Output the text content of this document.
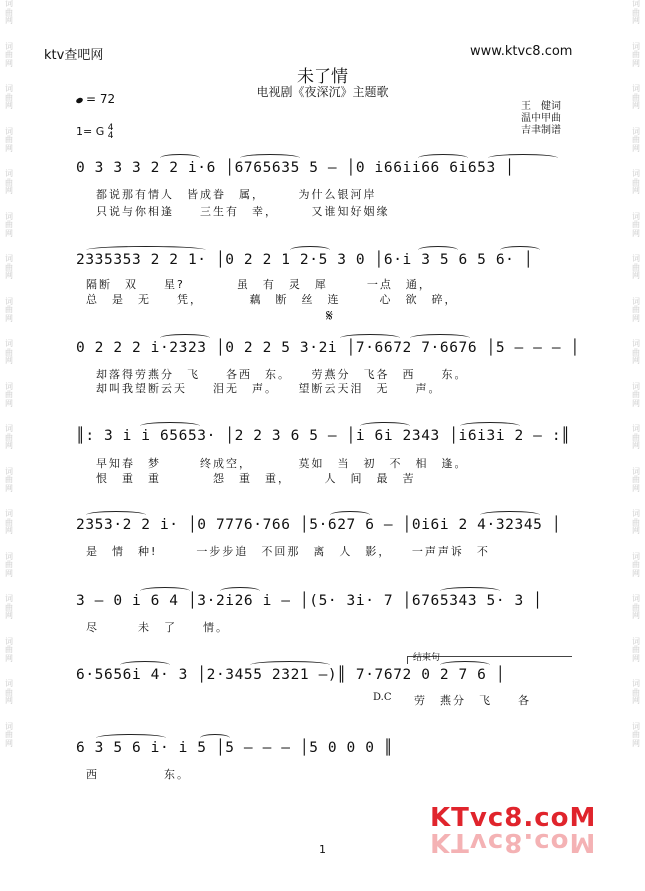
词
曲
网

词
曲
网

词
曲
网

词
曲
网

词
曲
网

词
曲
网

词
曲
网

词
曲
网

词
曲
网

词
曲
网

词
曲
网

词
曲
网

词
曲
网

词
曲
网

词
曲
网

词
曲
网

词
曲
网

词
曲
网
词
曲
网

词
曲
网

词
曲
网

词
曲
网

词
曲
网

词
曲
网

词
曲
网

词
曲
网

词
曲
网

词
曲
网

词
曲
网

词
曲
网

词
曲
网

词
曲
网

词
曲
网

词
曲
网

词
曲
网

词
曲
网
ktv查吧网	www.ktvc8.com
未了情
电视剧《夜深沉》主题歌
= 72
1= G 4
4
王　健词
温中甲曲
吉聿制谱
0 3 3 3 2 2 i·6 │6765635 5 – │0 i66ii66 6i653 │
都说那有情人　皆成眷　属，　　　为什么银河岸
只说与你相逢　　三生有　幸，　　　又谁知好姻缘
2335353 2 2 1· │0 2 2 1 2·5 3 0 │6·i 3 5 6 5 6· │
隔断　双　　星?　　　　虽　有　灵　犀　　　一点　通，
总　是　无　　凭，　　　　藕　断　丝　连　　　心　欲　碎，
𝄋
0 2 2 2 i·2323 │0 2 2 5 3·2i │7·6672 7·6676 │5 – – – │
却落得劳燕分　飞　　各西　东。　　劳燕分　飞各　西　　东。
却叫我望断云天　　泪无　声。　　望断云天泪　无　　声。
║: 3 i i 65653· │2 2 3 6 5 – │i 6i 2343 │i6i3i 2 – :║
早知春　梦　　　终成空，　　　　莫如　当　初　不　相　逢。
恨　重　重　　　　怨　重　重，　　　人　间　最　苦
2353·2 2 i· │0 7776·766 │5·627 6 – │0i6i 2 4·32345 │
是　情　种!　　　一步步追　不回那　离　人　影，　　一声声诉　不
3 – 0 i 6 4 │3·2i26 i – │(5· 3i· 7 │6765343 5· 3 │
尽　　　未　了　　情。
结束句
6·5656i 4· 3 │2·3455 2321 –)║ 7·7672 0 2 7 6 │
D.C 劳　燕分　飞　　各
6 3 5 6 i· i 5 │5 – – – │5 0 0 0 ║
西　　　　　东。
KTvc8.coM
KTvc8.coM
1
